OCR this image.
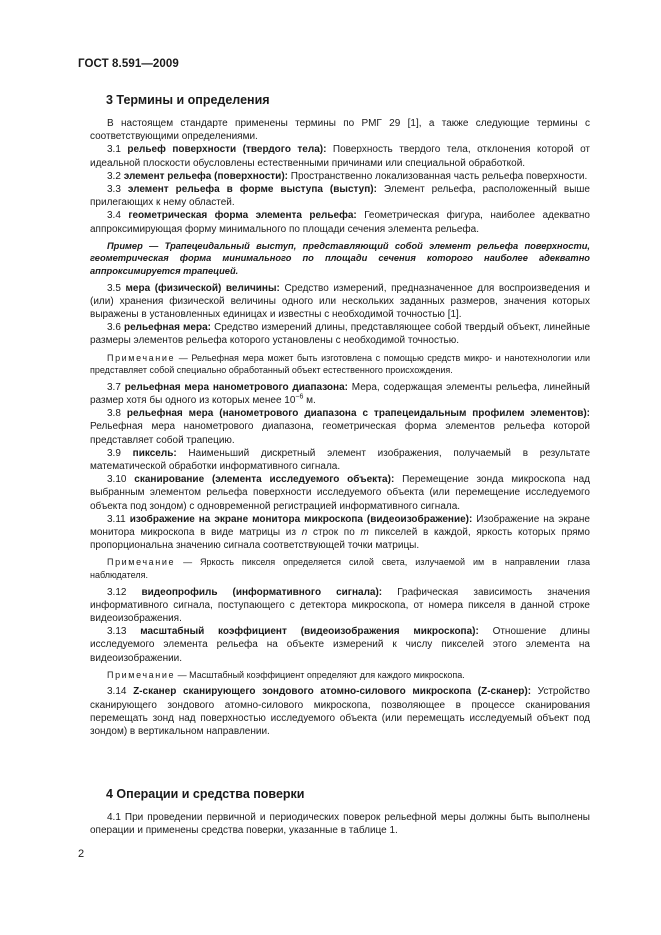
ГОСТ 8.591—2009
3 Термины и определения

В настоящем стандарте применены термины по РМГ 29 [1], а также следующие термины с соответствующими определениями.

3.1 рельеф поверхности (твердого тела): Поверхность твердого тела, отклонения которой от идеальной плоскости обусловлены естественными причинами или специальной обработкой.

3.2 элемент рельефа (поверхности): Пространственно локализованная часть рельефа поверхности.

3.3 элемент рельефа в форме выступа (выступ): Элемент рельефа, расположенный выше прилегающих к нему областей.

3.4 геометрическая форма элемента рельефа: Геометрическая фигура, наиболее адекватно аппроксимирующая форму минимального по площади сечения элемента рельефа.

Пример — Трапецеидальный выступ, представляющий собой элемент рельефа поверхности, геометрическая форма минимального по площади сечения которого наиболее адекватно аппроксимируется трапецией.

3.5 мера (физической) величины: Средство измерений, предназначенное для воспроизведения и (или) хранения физической величины одного или нескольких заданных размеров, значения которых выражены в установленных единицах и известны с необходимой точностью [1].

3.6 рельефная мера: Средство измерений длины, представляющее собой твердый объект, линейные размеры элементов рельефа которого установлены с необходимой точностью.

Примечание — Рельефная мера может быть изготовлена с помощью средств микро- и нанотехнологии или представляет собой специально обработанный объект естественного происхождения.

3.7 рельефная мера нанометрового диапазона: Мера, содержащая элементы рельефа, линейный размер хотя бы одного из которых менее $10^{-6}$ м.

3.8 рельефная мера (нанометрового диапазона с трапецеидальным профилем элементов): Рельефная мера нанометрового диапазона, геометрическая форма элементов рельефа которой представляет собой трапецию.

3.9 пиксель: Наименьший дискретный элемент изображения, получаемый в результате математической обработки информативного сигнала.

3.10 сканирование (элемента исследуемого объекта): Перемещение зонда микроскопа над выбранным элементом рельефа поверхности исследуемого объекта (или перемещение исследуемого объекта под зондом) с одновременной регистрацией информативного сигнала.

3.11 изображение на экране монитора микроскопа (видеоизображение): Изображение на экране монитора микроскопа в виде матрицы из n строк по m пикселей в каждой, яркость которых прямо пропорциональна значению сигнала соответствующей точки матрицы.

Примечание — Яркость пикселя определяется силой света, излучаемой им в направлении глаза наблюдателя.

3.12 видеопрофиль (информативного сигнала): Графическая зависимость значения информативного сигнала, поступающего с детектора микроскопа, от номера пикселя в данной строке видеоизображения.

3.13 масштабный коэффициент (видеоизображения микроскопа): Отношение длины исследуемого элемента рельефа на объекте измерений к числу пикселей этого элемента на видеоизображении.

Примечание — Масштабный коэффициент определяют для каждого микроскопа.

3.14 Z-сканер сканирующего зондового атомно-силового микроскопа (Z-сканер): Устройство сканирующего зондового атомно-силового микроскопа, позволяющее в процессе сканирования перемещать зонд над поверхностью исследуемого объекта (или перемещать исследуемый объект под зондом) в вертикальном направлении.

4 Операции и средства поверки

4.1 При проведении первичной и периодических поверок рельефной меры должны быть выполнены операции и применены средства поверки, указанные в таблице 1.

2
